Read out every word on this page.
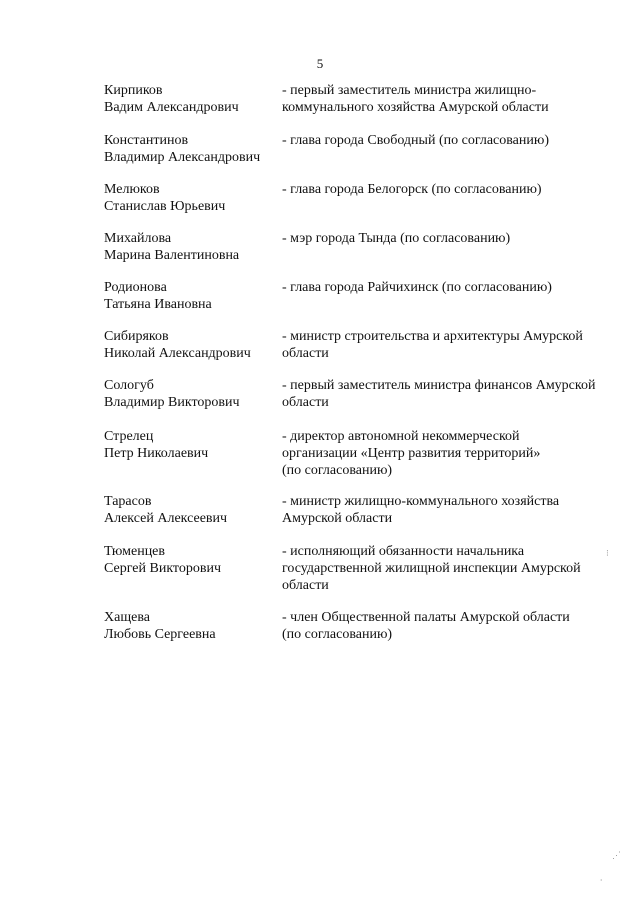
5
Кирпиков
Вадим Александрович
- первый заместитель министра жилищно-
коммунального хозяйства Амурской области
Константинов
Владимир Александрович
- глава города Свободный (по согласованию)
Мелюков
Станислав Юрьевич
- глава города Белогорск (по согласованию)
Михайлова
Марина Валентиновна
- мэр города Тында (по согласованию)
Родионова
Татьяна Ивановна
- глава города Райчихинск (по согласованию)
Сибиряков
Николай Александрович
- министр строительства и архитектуры Амурской
области
Сологуб
Владимир Викторович
- первый заместитель министра финансов Амурской
области
Стрелец
Петр Николаевич
- директор автономной некоммерческой
организации «Центр развития территорий»
(по согласованию)
Тарасов
Алексей Алексеевич
- министр жилищно-коммунального хозяйства
Амурской области
Тюменцев
Сергей Викторович
- исполняющий обязанности начальника
государственной жилищной инспекции Амурской
области
Хащева
Любовь Сергеевна
- член Общественной палаты Амурской области
(по согласованию)
⁝
⋰
⸳
